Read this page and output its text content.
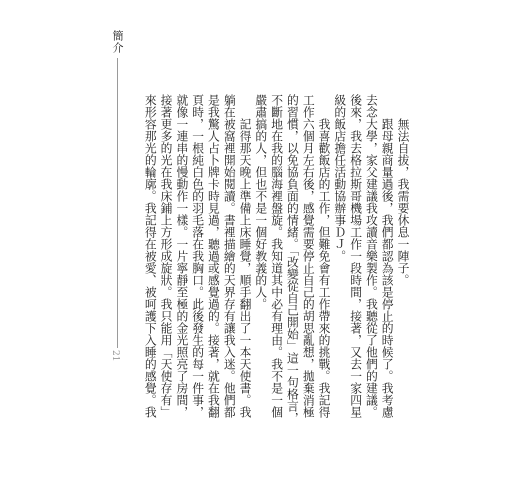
簡介
21

無法自拔，我需要休息一陣子。

跟母親商量過後，我們都認為該是停止的時候了。我考慮去念大學，家父建議我攻讀音樂製作。我聽從了他們的建議。後來，我去格拉斯哥機場工作一段時間，接著，又去一家四星級的飯店擔任活動協辦事ＤＪ。

我喜歡飯店的工作，但難免會有工作帶來的挑戰。我記得工作六個月左右後，感覺需要停止自己的胡思亂想，拋棄消極的習慣，以免協負面的情緒。「改變從自己開始」這一句格言，不斷地在我的腦海裡盤旋。我知道其中必有理由。我不是一個嚴肅搞的人，但也不是一個好教義的人。

記得那天晚上準備上床睡覺，順手翻出了一本天使書。我躺在被窩裡開始閱讀。書裡描繪的天界存有讓我入迷。他們都是我驚人占卜牌卡時見過，聽過或感覺過的。接著，就在我翻頁時，一根純白色的羽毛落在我胸口。此後發生的每一件事，就像一連串的慢動作一樣。一片寧靜至極的金光照亮了房間，接著更多的光在我床鋪上方形成旋狀。我只能用「天使存有」來形容那光的輪廓。我記得在被愛、被呵護下入睡的感覺。我
